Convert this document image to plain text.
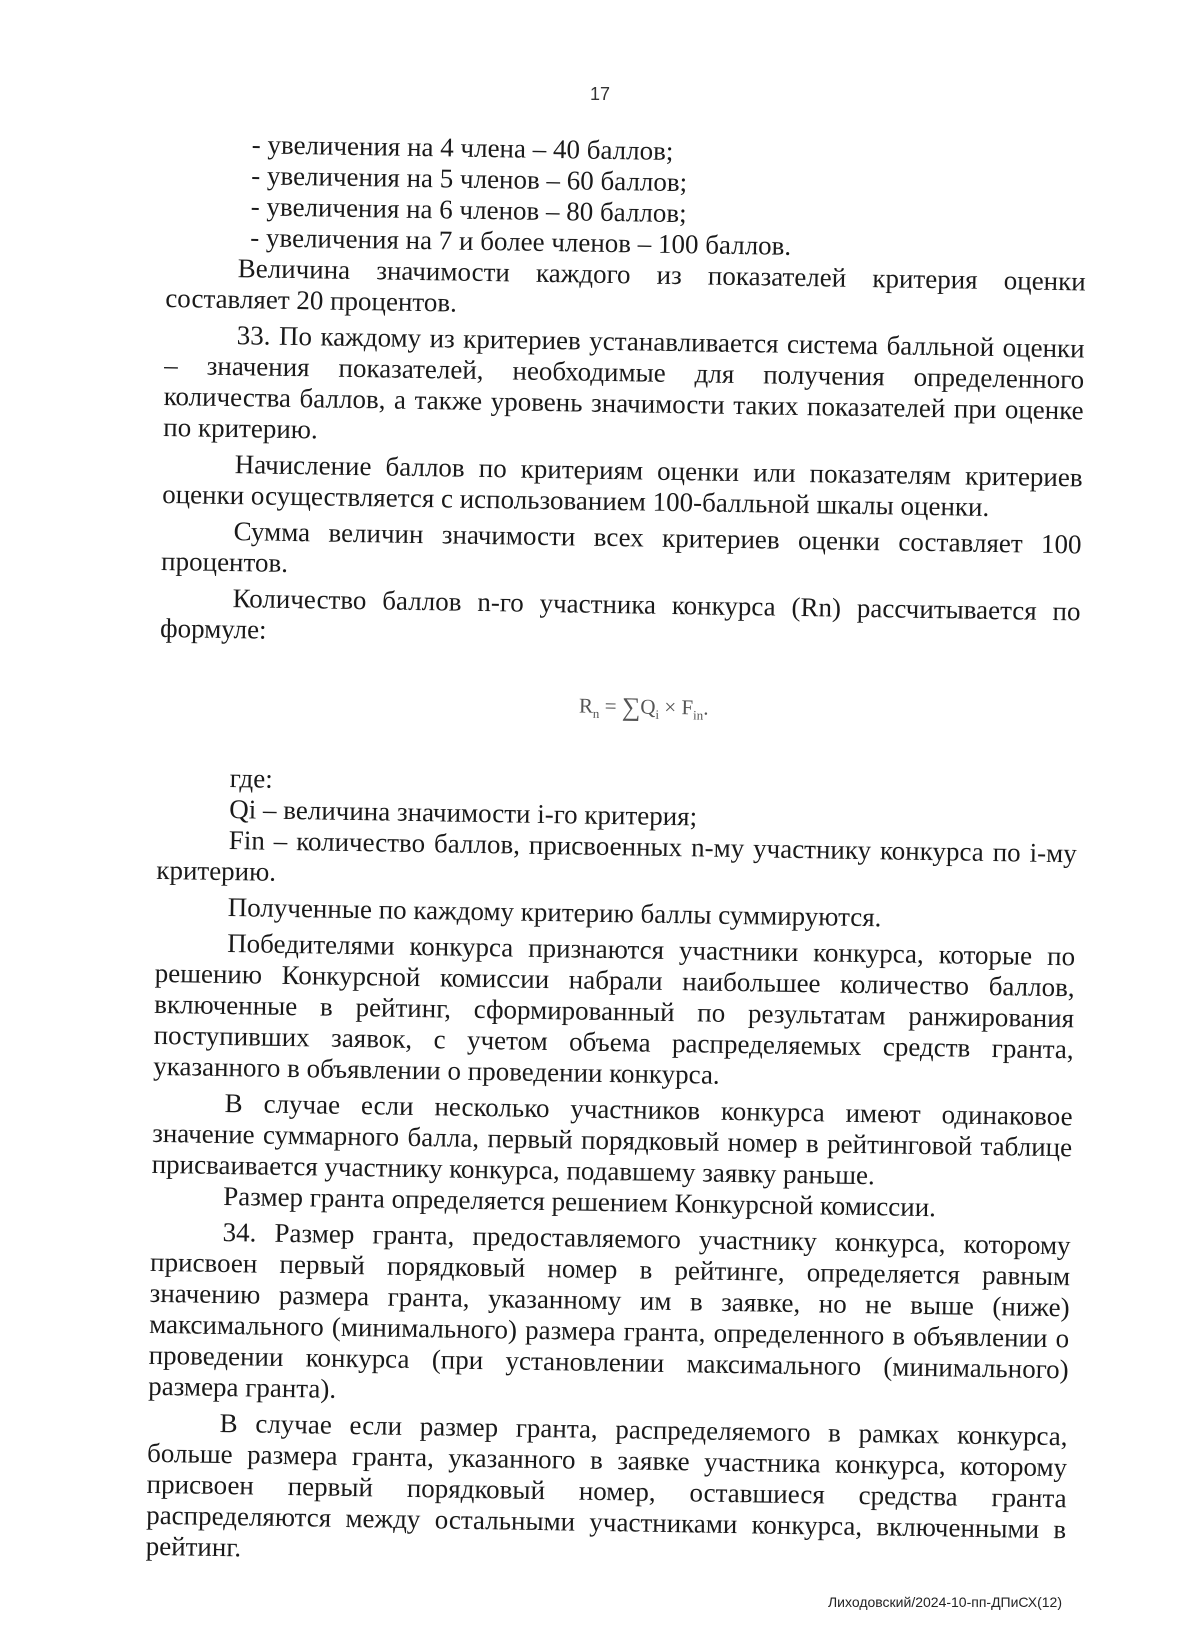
17
- увеличения на 4 члена – 40 баллов;
- увеличения на 5 членов – 60 баллов;
- увеличения на 6 членов – 80 баллов;
- увеличения на 7 и более членов – 100 баллов.

Величина значимости каждого из показателей критерия оценки составляет 20 процентов.

33. По каждому из критериев устанавливается система балльной оценки – значения показателей, необходимые для получения определенного количества баллов, а также уровень значимости таких показателей при оценке по критерию.

Начисление баллов по критериям оценки или показателям критериев оценки осуществляется с использованием 100-балльной шкалы оценки.

Сумма величин значимости всех критериев оценки составляет 100 процентов.

Количество баллов n-го участника конкурса (Rn) рассчитывается по формуле:

$R_n = \sum Q_i \times F_{in}$.
где:

Qi – величина значимости i-го критерия;

Fin – количество баллов, присвоенных n-му участнику конкурса по i-му критерию.

Полученные по каждому критерию баллы суммируются.

Победителями конкурса признаются участники конкурса, которые по решению Конкурсной комиссии набрали наибольшее количество баллов, включенные в рейтинг, сформированный по результатам ранжирования поступивших заявок, с учетом объема распределяемых средств гранта, указанного в объявлении о проведении конкурса.

В случае если несколько участников конкурса имеют одинаковое значение суммарного балла, первый порядковый номер в рейтинговой таблице присваивается участнику конкурса, подавшему заявку раньше.

Размер гранта определяется решением Конкурсной комиссии.

34. Размер гранта, предоставляемого участнику конкурса, которому присвоен первый порядковый номер в рейтинге, определяется равным значению размера гранта, указанному им в заявке, но не выше (ниже) максимального (минимального) размера гранта, определенного в объявлении о проведении конкурса (при установлении максимального (минимального) размера гранта).

В случае если размер гранта, распределяемого в рамках конкурса, больше размера гранта, указанного в заявке участника конкурса, которому присвоен первый порядковый номер, оставшиеся средства гранта распределяются между остальными участниками конкурса, включенными в рейтинг.

Лиходовский/2024-10-пп-ДПиСХ(12)
